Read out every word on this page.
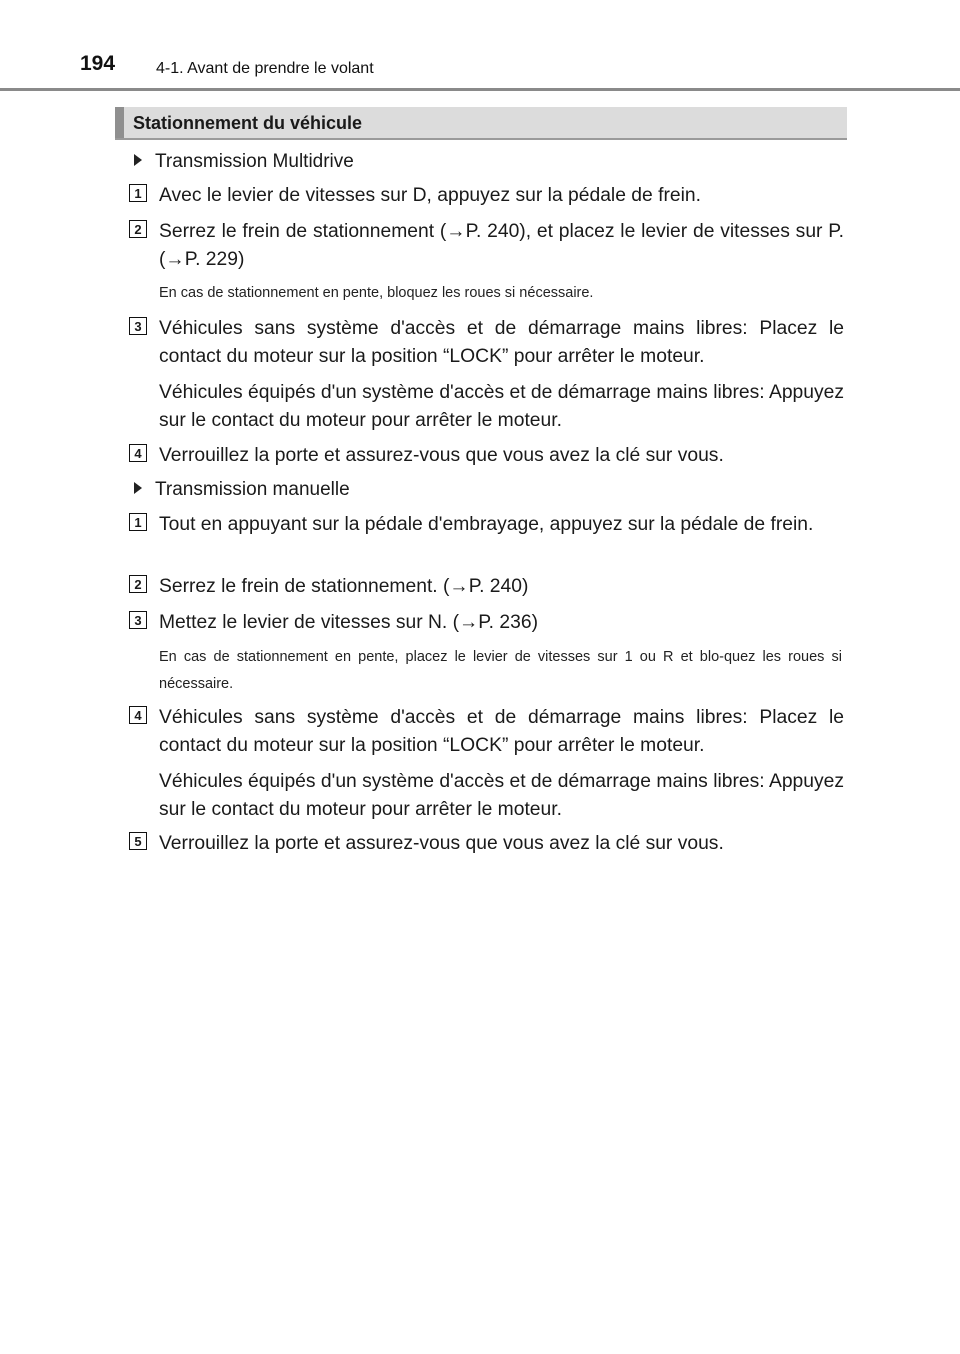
194	4-1. Avant de prendre le volant
Stationnement du véhicule
Transmission Multidrive
1 Avec le levier de vitesses sur D, appuyez sur la pédale de frein.
2 Serrez le frein de stationnement (→P. 240), et placez le levier de vitesses sur P. (→P. 229)
En cas de stationnement en pente, bloquez les roues si nécessaire.
3 Véhicules sans système d'accès et de démarrage mains libres: Placez le contact du moteur sur la position “LOCK” pour arrêter le moteur.
Véhicules équipés d'un système d'accès et de démarrage mains libres: Appuyez sur le contact du moteur pour arrêter le moteur.
4 Verrouillez la porte et assurez-vous que vous avez la clé sur vous.
Transmission manuelle
1 Tout en appuyant sur la pédale d'embrayage, appuyez sur la pédale de frein.
2 Serrez le frein de stationnement. (→P. 240)
3 Mettez le levier de vitesses sur N. (→P. 236)
En cas de stationnement en pente, placez le levier de vitesses sur 1 ou R et blo-quez les roues si nécessaire.
4 Véhicules sans système d'accès et de démarrage mains libres: Placez le contact du moteur sur la position “LOCK” pour arrêter le moteur.
Véhicules équipés d'un système d'accès et de démarrage mains libres: Appuyez sur le contact du moteur pour arrêter le moteur.
5 Verrouillez la porte et assurez-vous que vous avez la clé sur vous.
